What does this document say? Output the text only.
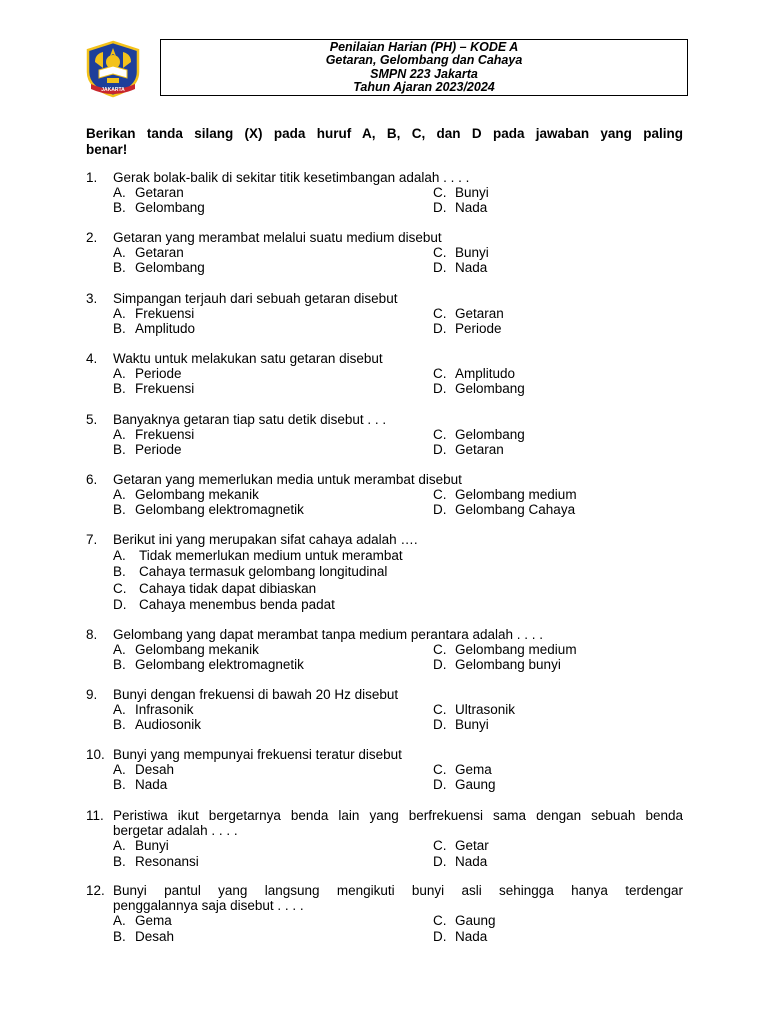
JAKARTA
Penilaian Harian (PH) – KODE A
Getaran, Gelombang dan Cahaya
SMPN 223 Jakarta
Tahun Ajaran 2023/2024
Berikan tanda silang (X) pada huruf A, B, C, dan D pada jawaban yang paling
benar!
1. Gerak bolak-balik di sekitar titik kesetimbangan adalah . . . .
A. Getaran
B. Gelombang
C. Bunyi
D. Nada
2. Getaran yang merambat melalui suatu medium disebut
A. Getaran
B. Gelombang
C. Bunyi
D. Nada
3. Simpangan terjauh dari sebuah getaran disebut
A. Frekuensi
B. Amplitudo
C. Getaran
D. Periode
4. Waktu untuk melakukan satu getaran disebut
A. Periode
B. Frekuensi
C. Amplitudo
D. Gelombang
5. Banyaknya getaran tiap satu detik disebut . . .
A. Frekuensi
B. Periode
C. Gelombang
D. Getaran
6. Getaran yang memerlukan media untuk merambat disebut
A. Gelombang mekanik
B. Gelombang elektromagnetik
C. Gelombang medium
D. Gelombang Cahaya
7. Berikut ini yang merupakan sifat cahaya adalah ….
A. Tidak memerlukan medium untuk merambat
B. Cahaya termasuk gelombang longitudinal
C. Cahaya tidak dapat dibiaskan
D. Cahaya menembus benda padat
8. Gelombang yang dapat merambat tanpa medium perantara adalah . . . .
A. Gelombang mekanik
B. Gelombang elektromagnetik
C. Gelombang medium
D. Gelombang bunyi
9. Bunyi dengan frekuensi di bawah 20 Hz disebut
A. Infrasonik
B. Audiosonik
C. Ultrasonik
D. Bunyi
10. Bunyi yang mempunyai frekuensi teratur disebut
A. Desah
B. Nada
C. Gema
D. Gaung
11. Peristiwa ikut bergetarnya benda lain yang berfrekuensi sama dengan sebuah benda
bergetar adalah . . . .
A. Bunyi
B. Resonansi
C. Getar
D. Nada
12. Bunyi pantul yang langsung mengikuti bunyi asli sehingga hanya terdengar
penggalannya saja disebut . . . .
A. Gema
B. Desah
C. Gaung
D. Nada
